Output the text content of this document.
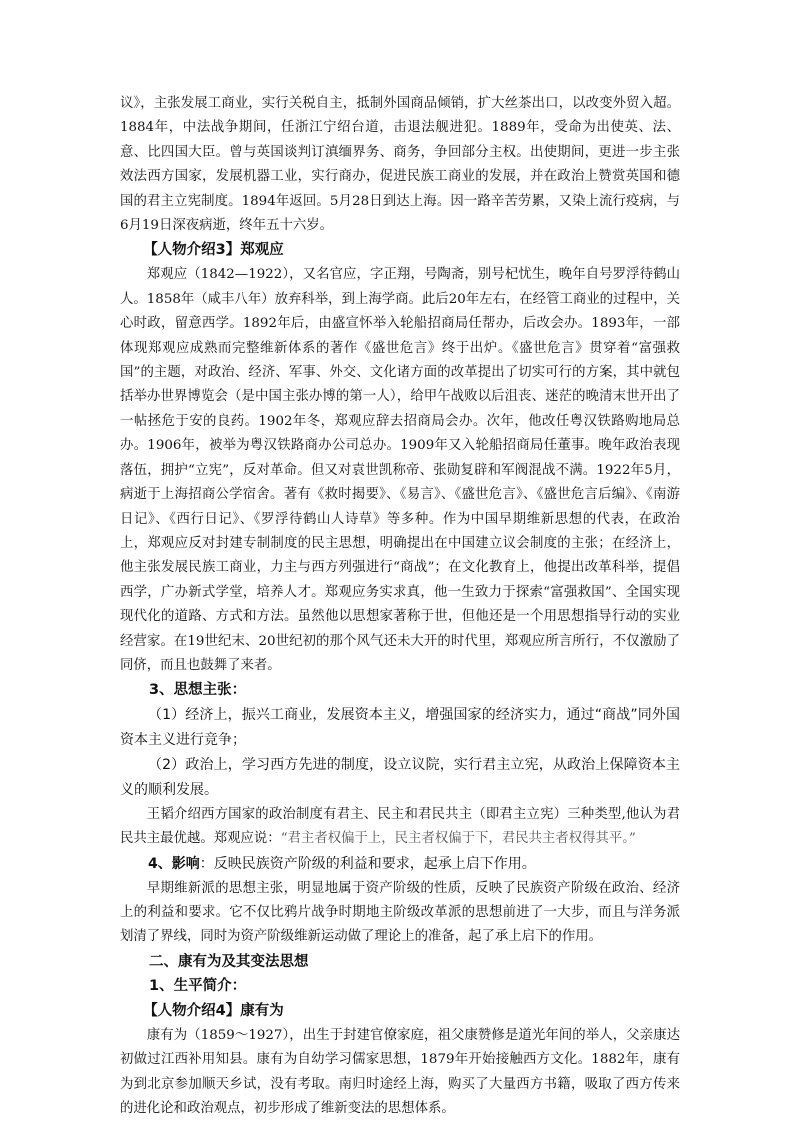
议》，主张发展工商业，实行关税自主，抵制外国商品倾销，扩大丝茶出口，以改变外贸入超。1884年，中法战争期间，任浙江宁绍台道，击退法舰进犯。1889年，受命为出使英、法、意、比四国大臣。曾与英国谈判订滇缅界务、商务，争回部分主权。出使期间，更进一步主张效法西方国家，发展机器工业，实行商办，促进民族工商业的发展，并在政治上赞赏英国和德国的君主立宪制度。1894年返回。5月28日到达上海。因一路辛苦劳累，又染上流行疫病，与6月19日深夜病逝，终年五十六岁。

【人物介绍3】郑观应

郑观应（1842—1922），又名官应，字正翔，号陶斋，别号杞忧生，晚年自号罗浮待鹤山人。1858年（咸丰八年）放弃科举，到上海学商。此后20年左右，在经管工商业的过程中，关心时政，留意西学。1892年后，由盛宣怀举入轮船招商局任帮办，后改会办。1893年，一部体现郑观应成熟而完整维新体系的著作《盛世危言》终于出炉。《盛世危言》贯穿着“富强救国”的主题，对政治、经济、军事、外交、文化诸方面的改革提出了切实可行的方案，其中就包括举办世界博览会（是中国主张办博的第一人），给甲午战败以后沮丧、迷茫的晚清末世开出了一帖拯危于安的良药。1902年冬，郑观应辞去招商局会办。次年，他改任粤汉铁路购地局总办。1906年，被举为粤汉铁路商办公司总办。1909年又入轮船招商局任董事。晚年政治表现落伍，拥护“立宪”，反对革命。但又对袁世凯称帝、张勋复辟和军阀混战不满。1922年5月，病逝于上海招商公学宿舍。著有《救时揭要》、《易言》、《盛世危言》、《盛世危言后编》、《南游日记》、《西行日记》、《罗浮待鹤山人诗草》等多种。作为中国早期维新思想的代表，在政治上，郑观应反对封建专制制度的民主思想，明确提出在中国建立议会制度的主张；在经济上，他主张发展民族工商业，力主与西方列强进行“商战”；在文化教育上，他提出改革科举，提倡西学，广办新式学堂，培养人才。郑观应务实求真，他一生致力于探索“富强救国”、全国实现现代化的道路、方式和方法。虽然他以思想家著称于世，但他还是一个用思想指导行动的实业经营家。在19世纪末、20世纪初的那个风气还未大开的时代里，郑观应所言所行，不仅激励了同侪，而且也鼓舞了来者。

3、思想主张：

（1）经济上，振兴工商业，发展资本主义，增强国家的经济实力，通过“商战”同外国资本主义进行竞争；

（2）政治上，学习西方先进的制度，设立议院，实行君主立宪，从政治上保障资本主义的顺利发展。

王韬介绍西方国家的政治制度有君主、民主和君民共主（即君主立宪）三种类型,他认为君民共主最优越。郑观应说：“君主者权偏于上，民主者权偏于下，君民共主者权得其平。”

4、影响：反映民族资产阶级的利益和要求，起承上启下作用。

早期维新派的思想主张，明显地属于资产阶级的性质，反映了民族资产阶级在政治、经济上的利益和要求。它不仅比鸦片战争时期地主阶级改革派的思想前进了一大步，而且与洋务派划清了界线，同时为资产阶级维新运动做了理论上的准备，起了承上启下的作用。

二、康有为及其变法思想

1、生平简介：

【人物介绍4】康有为

康有为（1859～1927），出生于封建官僚家庭，祖父康赞修是道光年间的举人，父亲康达初做过江西补用知县。康有为自幼学习儒家思想，1879年开始接触西方文化。1882年，康有为到北京参加顺天乡试，没有考取。南归时途经上海，购买了大量西方书籍，吸取了西方传来的进化论和政治观点，初步形成了维新变法的思想体系。
